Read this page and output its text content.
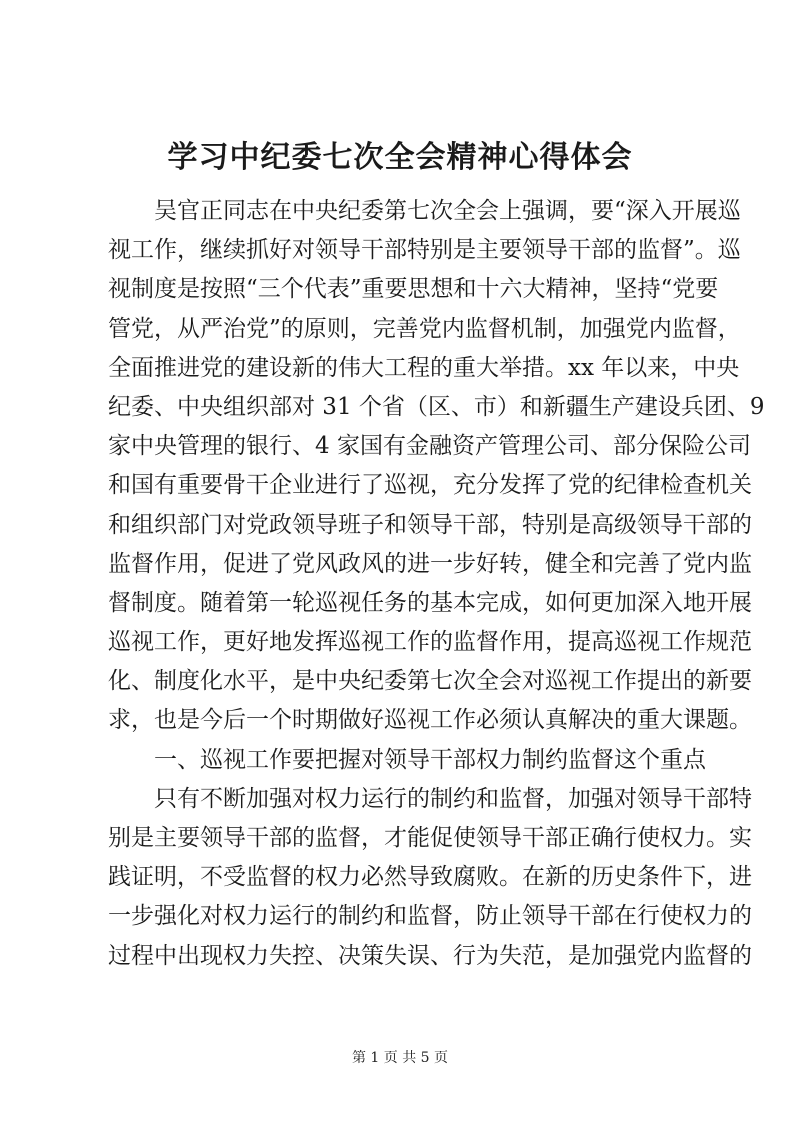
学习中纪委七次全会精神心得体会
吴官正同志在中央纪委第七次全会上强调，要“深入开展巡
视工作，继续抓好对领导干部特别是主要领导干部的监督”。巡
视制度是按照“三个代表”重要思想和十六大精神，坚持“党要
管党，从严治党”的原则，完善党内监督机制，加强党内监督，
全面推进党的建设新的伟大工程的重大举措。xx 年以来，中央
纪委、中央组织部对 31 个省（区、市）和新疆生产建设兵团、9
家中央管理的银行、4 家国有金融资产管理公司、部分保险公司
和国有重要骨干企业进行了巡视，充分发挥了党的纪律检查机关
和组织部门对党政领导班子和领导干部，特别是高级领导干部的
监督作用，促进了党风政风的进一步好转，健全和完善了党内监
督制度。随着第一轮巡视任务的基本完成，如何更加深入地开展
巡视工作，更好地发挥巡视工作的监督作用，提高巡视工作规范
化、制度化水平，是中央纪委第七次全会对巡视工作提出的新要
求，也是今后一个时期做好巡视工作必须认真解决的重大课题。
一、巡视工作要把握对领导干部权力制约监督这个重点
只有不断加强对权力运行的制约和监督，加强对领导干部特
别是主要领导干部的监督，才能促使领导干部正确行使权力。实
践证明，不受监督的权力必然导致腐败。在新的历史条件下，进
一步强化对权力运行的制约和监督，防止领导干部在行使权力的
过程中出现权力失控、决策失误、行为失范，是加强党内监督的
第 1 页 共 5 页
